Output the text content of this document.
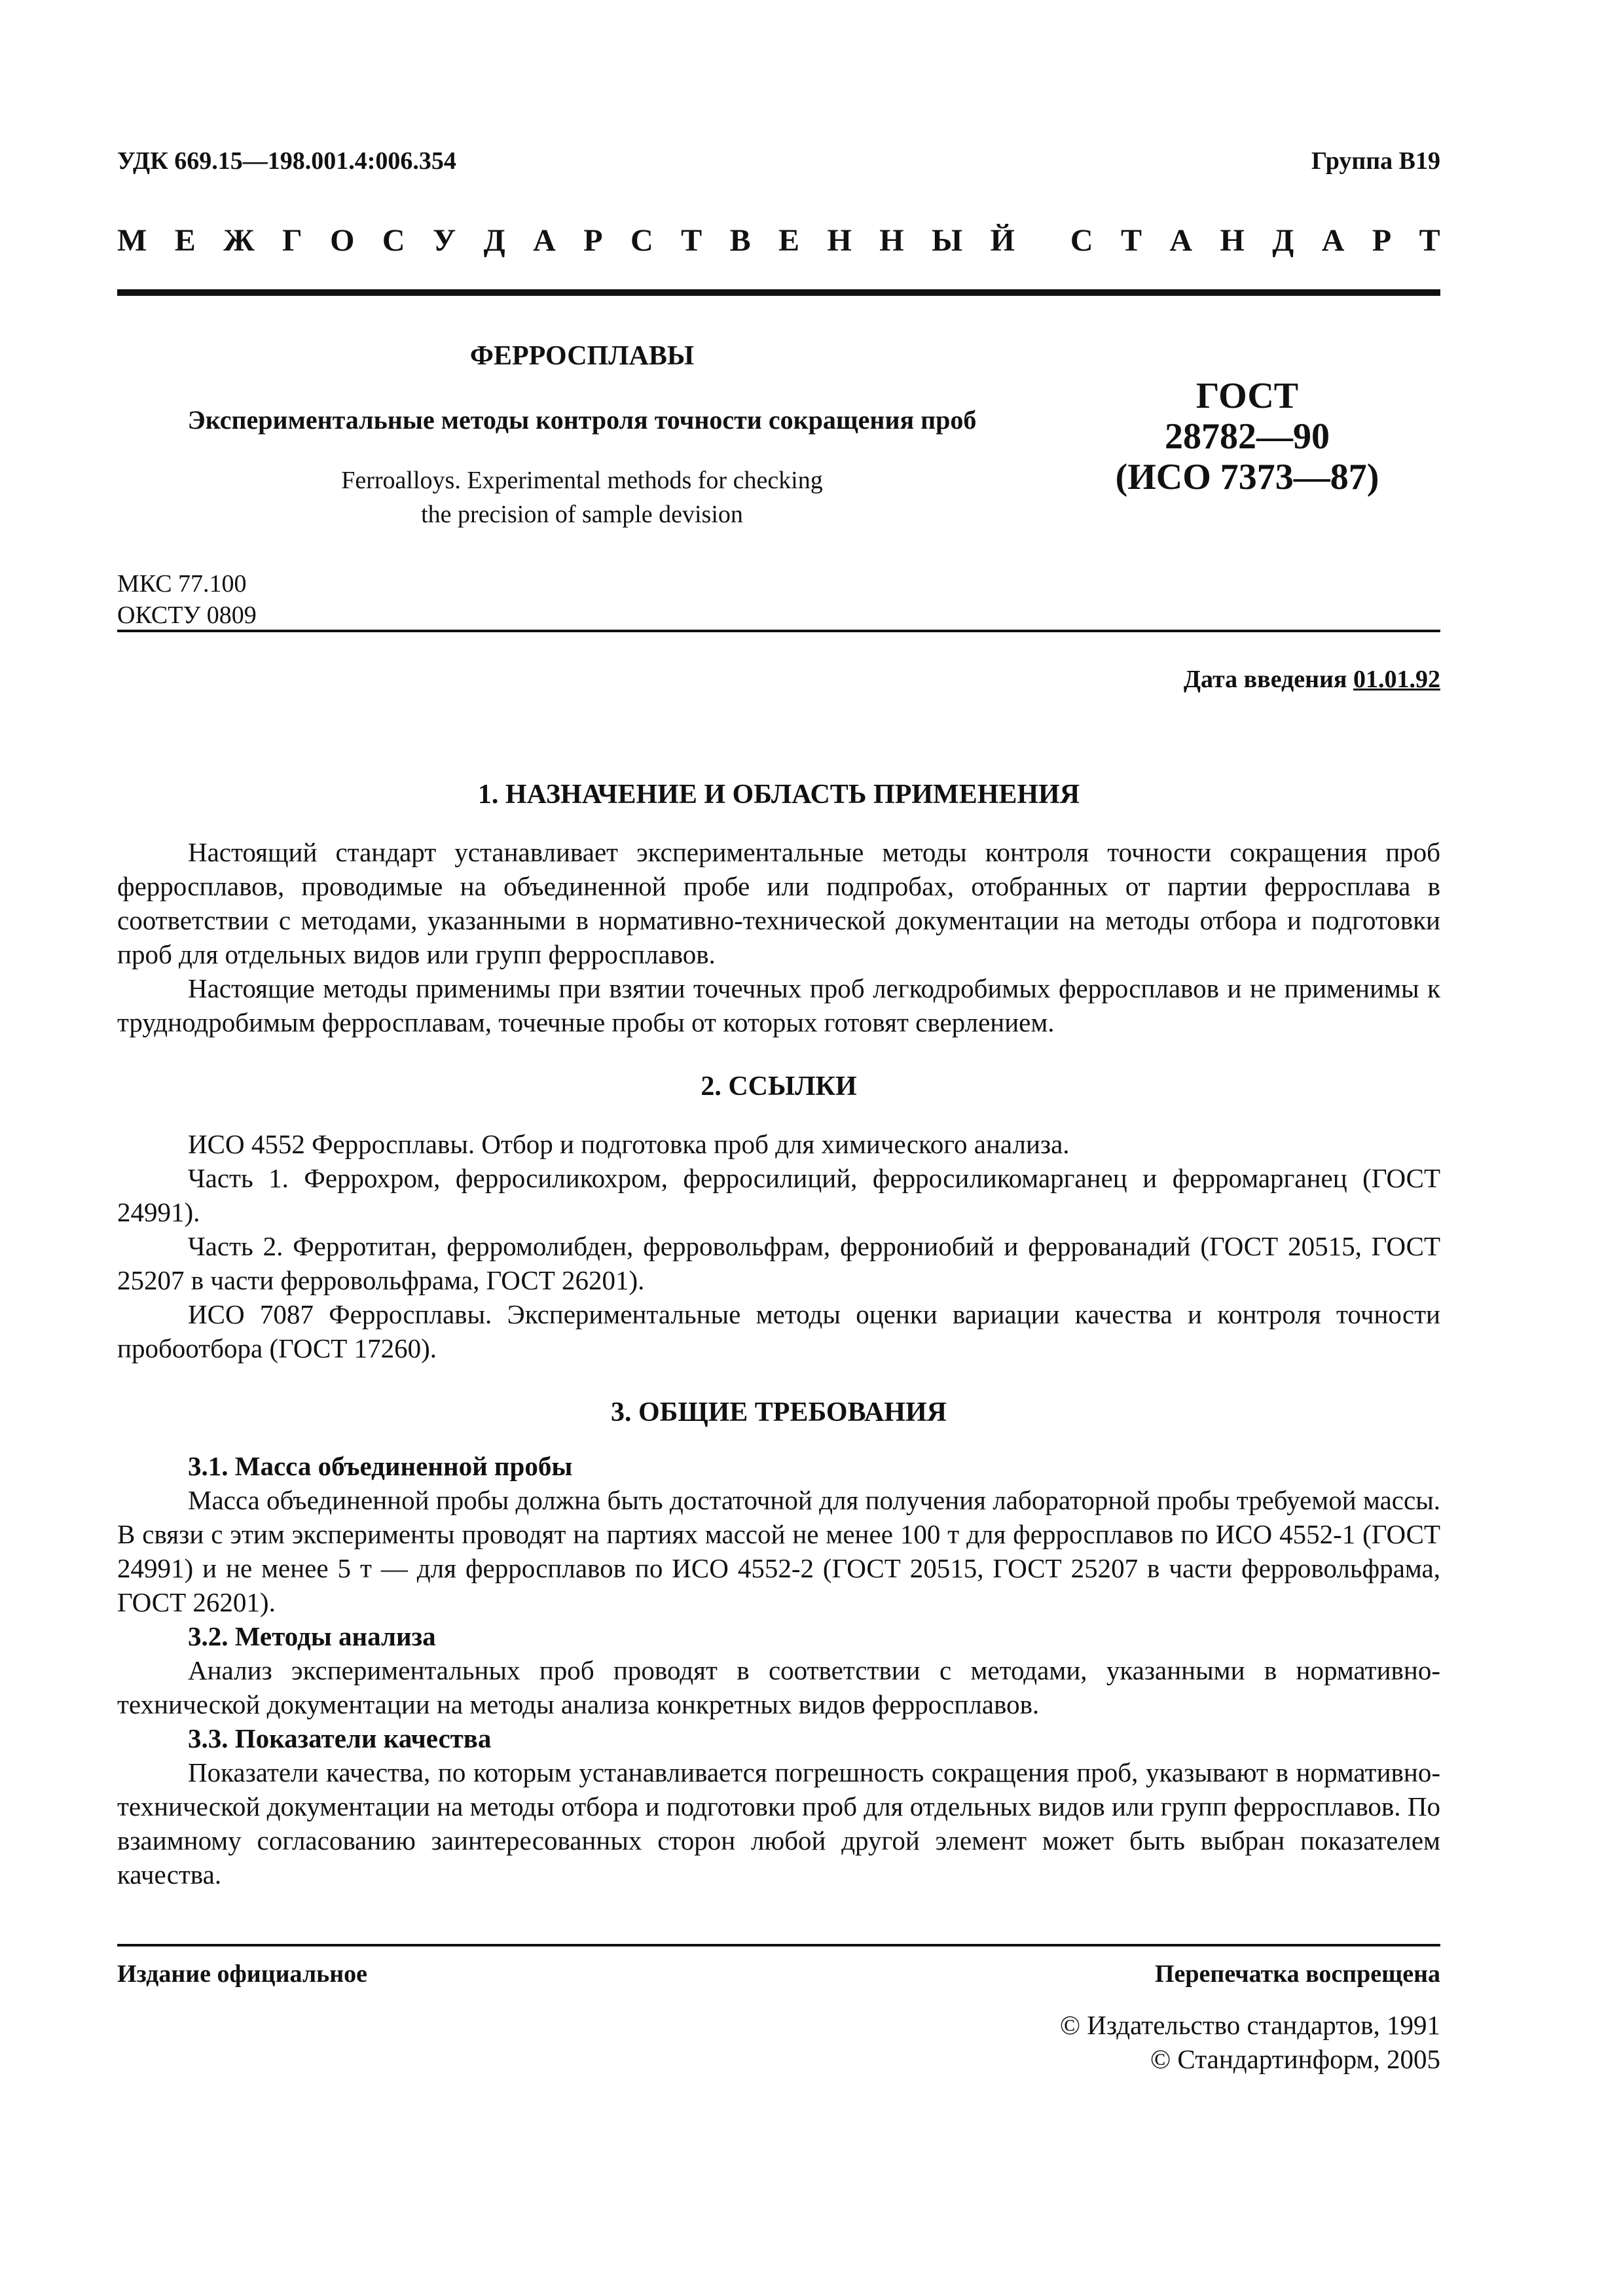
УДК 669.15—198.001.4:006.354	Группа В19
М Е Ж Г О С У Д А Р С Т В Е Н Н Ы Й С Т А Н Д А Р Т
ФЕРРОСПЛАВЫ
Экспериментальные методы контроля точности сокращения проб
Ferroalloys. Experimental methods for checking
the precision of sample devision
ГОСТ
28782—90
(ИСО 7373—87)
МКС 77.100
ОКСТУ 0809
Дата введения 01.01.92
1. НАЗНАЧЕНИЕ И ОБЛАСТЬ ПРИМЕНЕНИЯ
Настоящий стандарт устанавливает экспериментальные методы контроля точности сокращения проб ферросплавов, проводимые на объединенной пробе или подпробах, отобранных от партии ферросплава в соответствии с методами, указанными в нормативно-технической документации на методы отбора и подготовки проб для отдельных видов или групп ферросплавов.
Настоящие методы применимы при взятии точечных проб легкодробимых ферросплавов и не применимы к труднодробимым ферросплавам, точечные пробы от которых готовят сверлением.
2. ССЫЛКИ
ИСО 4552 Ферросплавы. Отбор и подготовка проб для химического анализа.
Часть 1. Феррохром, ферросиликохром, ферросилиций, ферросиликомарганец и ферромарганец (ГОСТ 24991).
Часть 2. Ферротитан, ферромолибден, ферровольфрам, феррониобий и феррованадий (ГОСТ 20515, ГОСТ 25207 в части ферровольфрама, ГОСТ 26201).
ИСО 7087 Ферросплавы. Экспериментальные методы оценки вариации качества и контроля точности пробоотбора (ГОСТ 17260).
3. ОБЩИЕ ТРЕБОВАНИЯ
3.1. Масса объединенной пробы
Масса объединенной пробы должна быть достаточной для получения лабораторной пробы требуемой массы. В связи с этим эксперименты проводят на партиях массой не менее 100 т для ферросплавов по ИСО 4552-1 (ГОСТ 24991) и не менее 5 т — для ферросплавов по ИСО 4552-2 (ГОСТ 20515, ГОСТ 25207 в части ферровольфрама, ГОСТ 26201).
3.2. Методы анализа
Анализ экспериментальных проб проводят в соответствии с методами, указанными в нормативно-технической документации на методы анализа конкретных видов ферросплавов.
3.3. Показатели качества
Показатели качества, по которым устанавливается погрешность сокращения проб, указывают в нормативно-технической документации на методы отбора и подготовки проб для отдельных видов или групп ферросплавов. По взаимному согласованию заинтересованных сторон любой другой элемент может быть выбран показателем качества.
Издание официальное	Перепечатка воспрещена
© Издательство стандартов, 1991
© Стандартинформ, 2005
